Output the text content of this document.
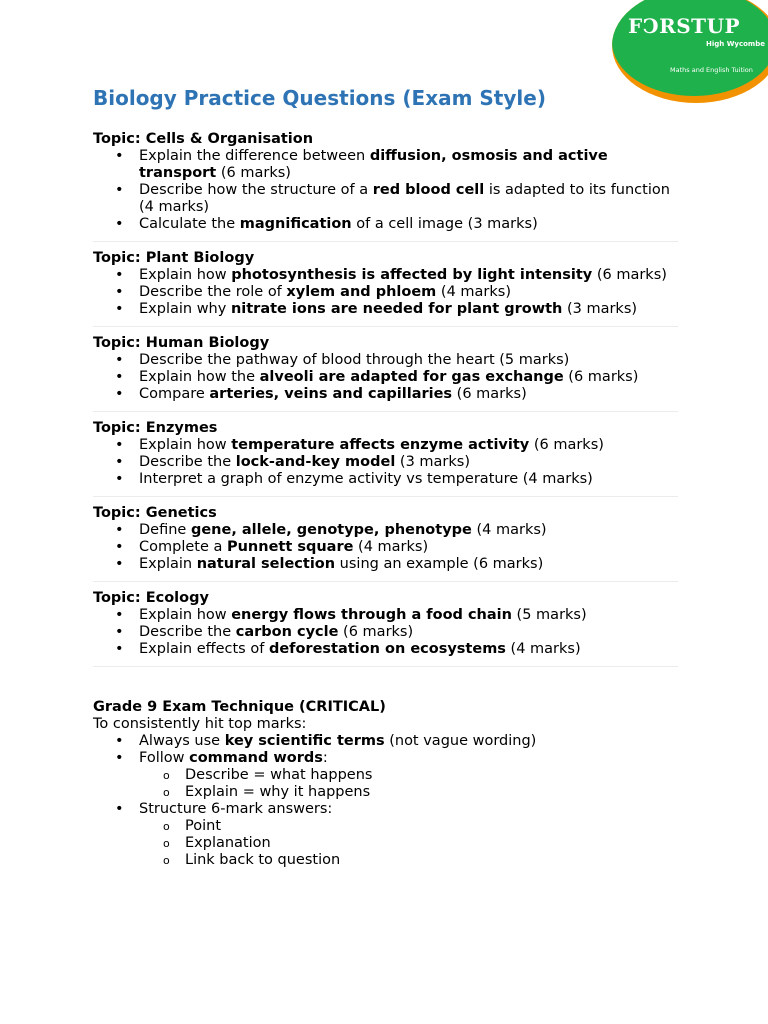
FↃRSTUP
High Wycombe
Maths and English Tuition
Biology Practice Questions (Exam Style)
Topic: Cells & Organisation
• Explain the difference between diffusion, osmosis and active transport (6 marks)
• Describe how the structure of a red blood cell is adapted to its function (4 marks)
• Calculate the magnification of a cell image (3 marks)
Topic: Plant Biology
• Explain how photosynthesis is affected by light intensity (6 marks)
• Describe the role of xylem and phloem (4 marks)
• Explain why nitrate ions are needed for plant growth (3 marks)
Topic: Human Biology
• Describe the pathway of blood through the heart (5 marks)
• Explain how the alveoli are adapted for gas exchange (6 marks)
• Compare arteries, veins and capillaries (6 marks)
Topic: Enzymes
• Explain how temperature affects enzyme activity (6 marks)
• Describe the lock-and-key model (3 marks)
• Interpret a graph of enzyme activity vs temperature (4 marks)
Topic: Genetics
• Define gene, allele, genotype, phenotype (4 marks)
• Complete a Punnett square (4 marks)
• Explain natural selection using an example (6 marks)
Topic: Ecology
• Explain how energy flows through a food chain (5 marks)
• Describe the carbon cycle (6 marks)
• Explain effects of deforestation on ecosystems (4 marks)
Grade 9 Exam Technique (CRITICAL)
To consistently hit top marks:
• Always use key scientific terms (not vague wording)
• Follow command words:
o Describe = what happens
o Explain = why it happens
• Structure 6-mark answers:
o Point
o Explanation
o Link back to question
